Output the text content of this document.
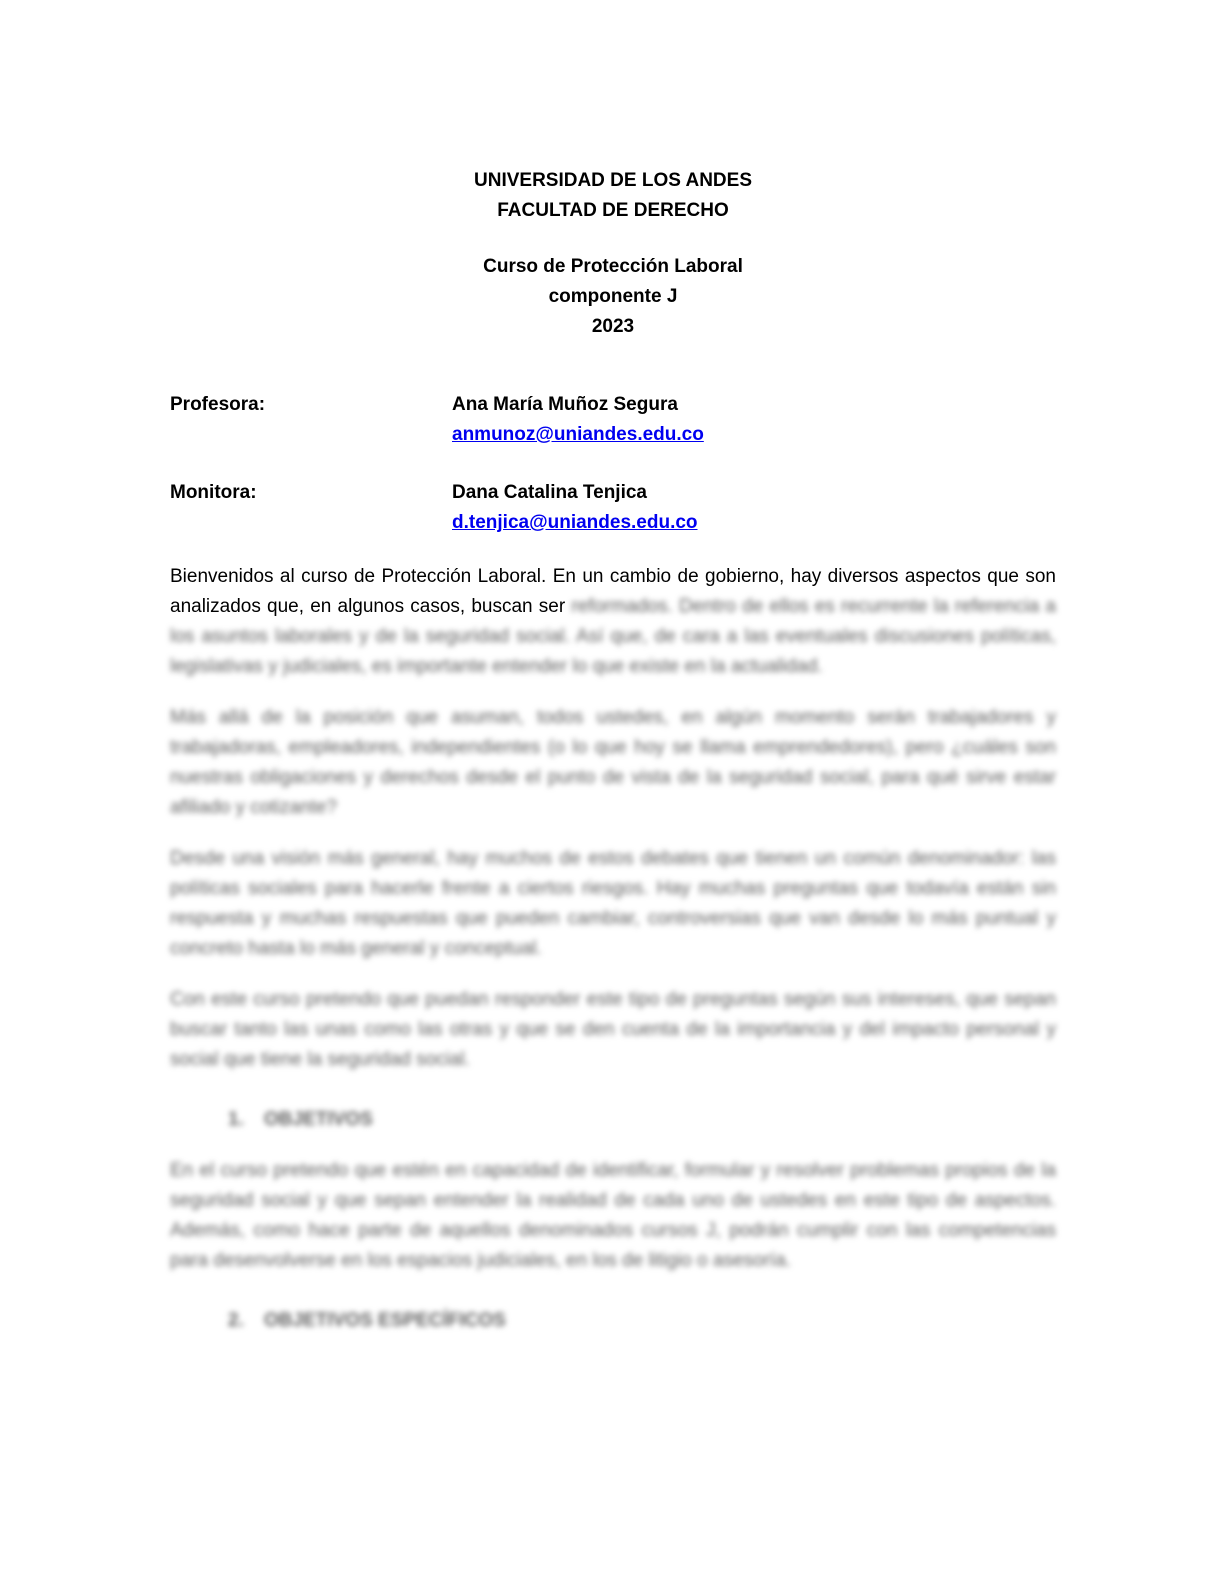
UNIVERSIDAD DE LOS ANDES
FACULTAD DE DERECHO
Curso de Protección Laboral
componente J
2023
Profesora:	Ana María Muñoz Segura
anmunoz@uniandes.edu.co
Monitora:	Dana Catalina Tenjica
d.tenjica@uniandes.edu.co

Bienvenidos al curso de Protección Laboral. En un cambio de gobierno, hay diversos aspectos que son analizados que, en algunos casos, buscan ser reformados. Dentro de ellos es recurrente la referencia a los asuntos laborales y de la seguridad social. Así que, de cara a las eventuales discusiones políticas, legislativas y judiciales, es importante entender lo que existe en la actualidad.

Más allá de la posición que asuman, todos ustedes, en algún momento serán trabajadores y trabajadoras, empleadores, independientes (o lo que hoy se llama emprendedores), pero ¿cuáles son nuestras obligaciones y derechos desde el punto de vista de la seguridad social, para qué sirve estar afiliado y cotizante?

Desde una visión más general, hay muchos de estos debates que tienen un común denominador: las políticas sociales para hacerle frente a ciertos riesgos. Hay muchas preguntas que todavía están sin respuesta y muchas respuestas que pueden cambiar, controversias que van desde lo más puntual y concreto hasta lo más general y conceptual.

Con este curso pretendo que puedan responder este tipo de preguntas según sus intereses, que sepan buscar tanto las unas como las otras y que se den cuenta de la importancia y del impacto personal y social que tiene la seguridad social.

1.	OBJETIVOS

En el curso pretendo que estén en capacidad de identificar, formular y resolver problemas propios de la seguridad social y que sepan entender la realidad de cada uno de ustedes en este tipo de aspectos. Además, como hace parte de aquellos denominados cursos J, podrán cumplir con las competencias para desenvolverse en los espacios judiciales, en los de litigio o asesoría.

2.	OBJETIVOS ESPECÍFICOS
